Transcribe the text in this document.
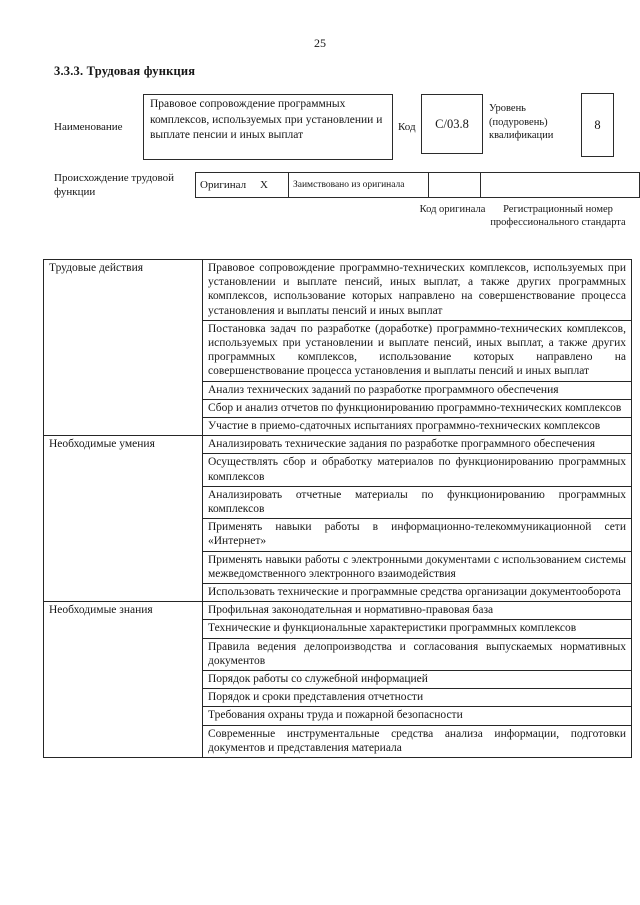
25
3.3.3. Трудовая функция
Наименование
Правовое сопровождение программных комплексов, используемых при установлении и выплате пенсии и иных выплат
Код	С/03.8
Уровень (подуровень) квалификации
8
Происхождение трудовой функции
Оригинал X	Заимствовано из оригинала		
Код оригинала	Регистрационный номер профессионального стандарта
Трудовые действия	Правовое сопровождение программно-технических комплексов, используемых при установлении и выплате пенсий, иных выплат, а также других программных комплексов, использование которых направлено на совершенствование процесса установления и выплаты пенсий и иных выплат
	Постановка задач по разработке (доработке) программно-технических комплексов, используемых при установлении и выплате пенсий, иных выплат, а также других программных комплексов, использование которых направлено на совершенствование процесса установления и выплаты пенсий и иных выплат
	Анализ технических заданий по разработке программного обеспечения
	Сбор и анализ отчетов по функционированию программно-технических комплексов
	Участие в приемо-сдаточных испытаниях программно-технических комплексов
Необходимые умения	Анализировать технические задания по разработке программного обеспечения
	Осуществлять сбор и обработку материалов по функционированию программных комплексов
	Анализировать отчетные материалы по функционированию программных комплексов
	Применять навыки работы в информационно-телекоммуникационной сети «Интернет»
	Применять навыки работы с электронными документами с использованием системы межведомственного электронного взаимодействия
	Использовать технические и программные средства организации документооборота
Необходимые знания	Профильная законодательная и нормативно-правовая база
	Технические и функциональные характеристики программных комплексов
	Правила ведения делопроизводства и согласования выпускаемых нормативных документов
	Порядок работы со служебной информацией
	Порядок и сроки представления отчетности
	Требования охраны труда и пожарной безопасности
	Современные инструментальные средства анализа информации, подготовки документов и представления материала
